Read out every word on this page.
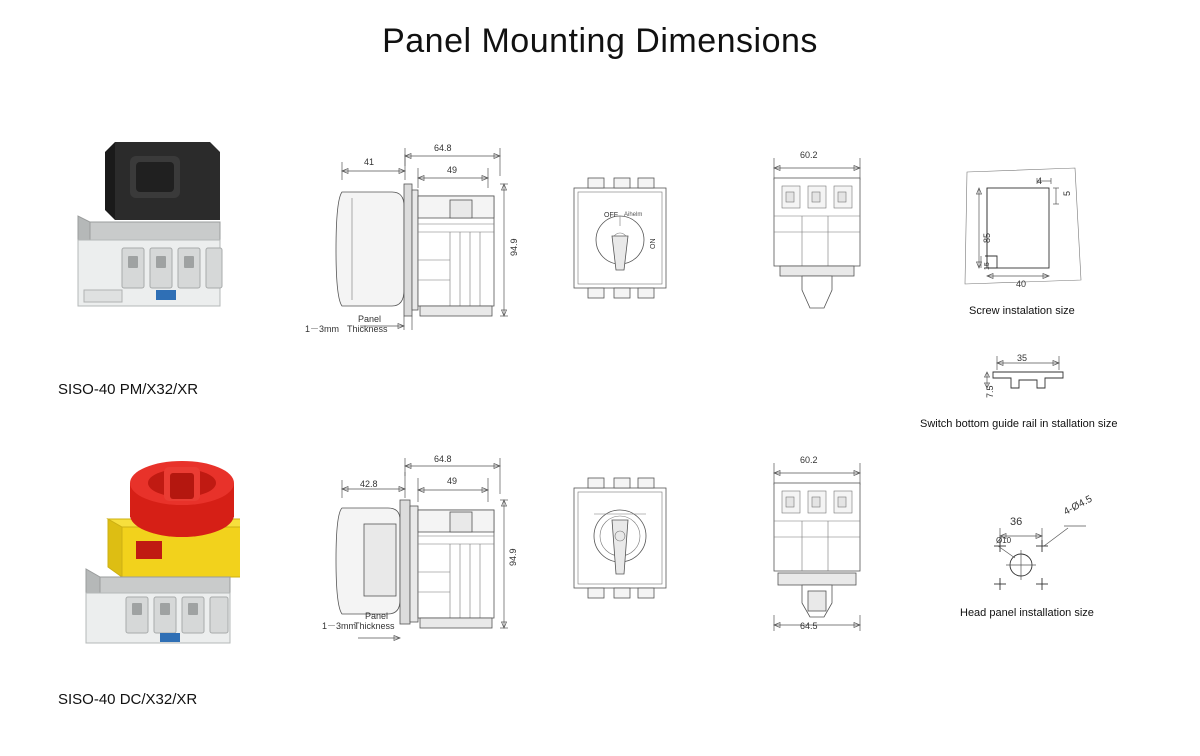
Panel Mounting Dimensions
SISO-40 PM/X32/XR
41
64.8
49
94.9
1－3mm
Panel
Thickness
OFF
ON
Aihelm
60.2
4
5
85
15
40
Screw instalation size
35
7.5
Switch bottom guide rail in stallation size
SISO-40 DC/X32/XR
42.8
64.8
49
94.9
1－3mm
Panel
Thickness
60.2
64.5
36
4-Ø4.5
Ø10
Head panel installation size
